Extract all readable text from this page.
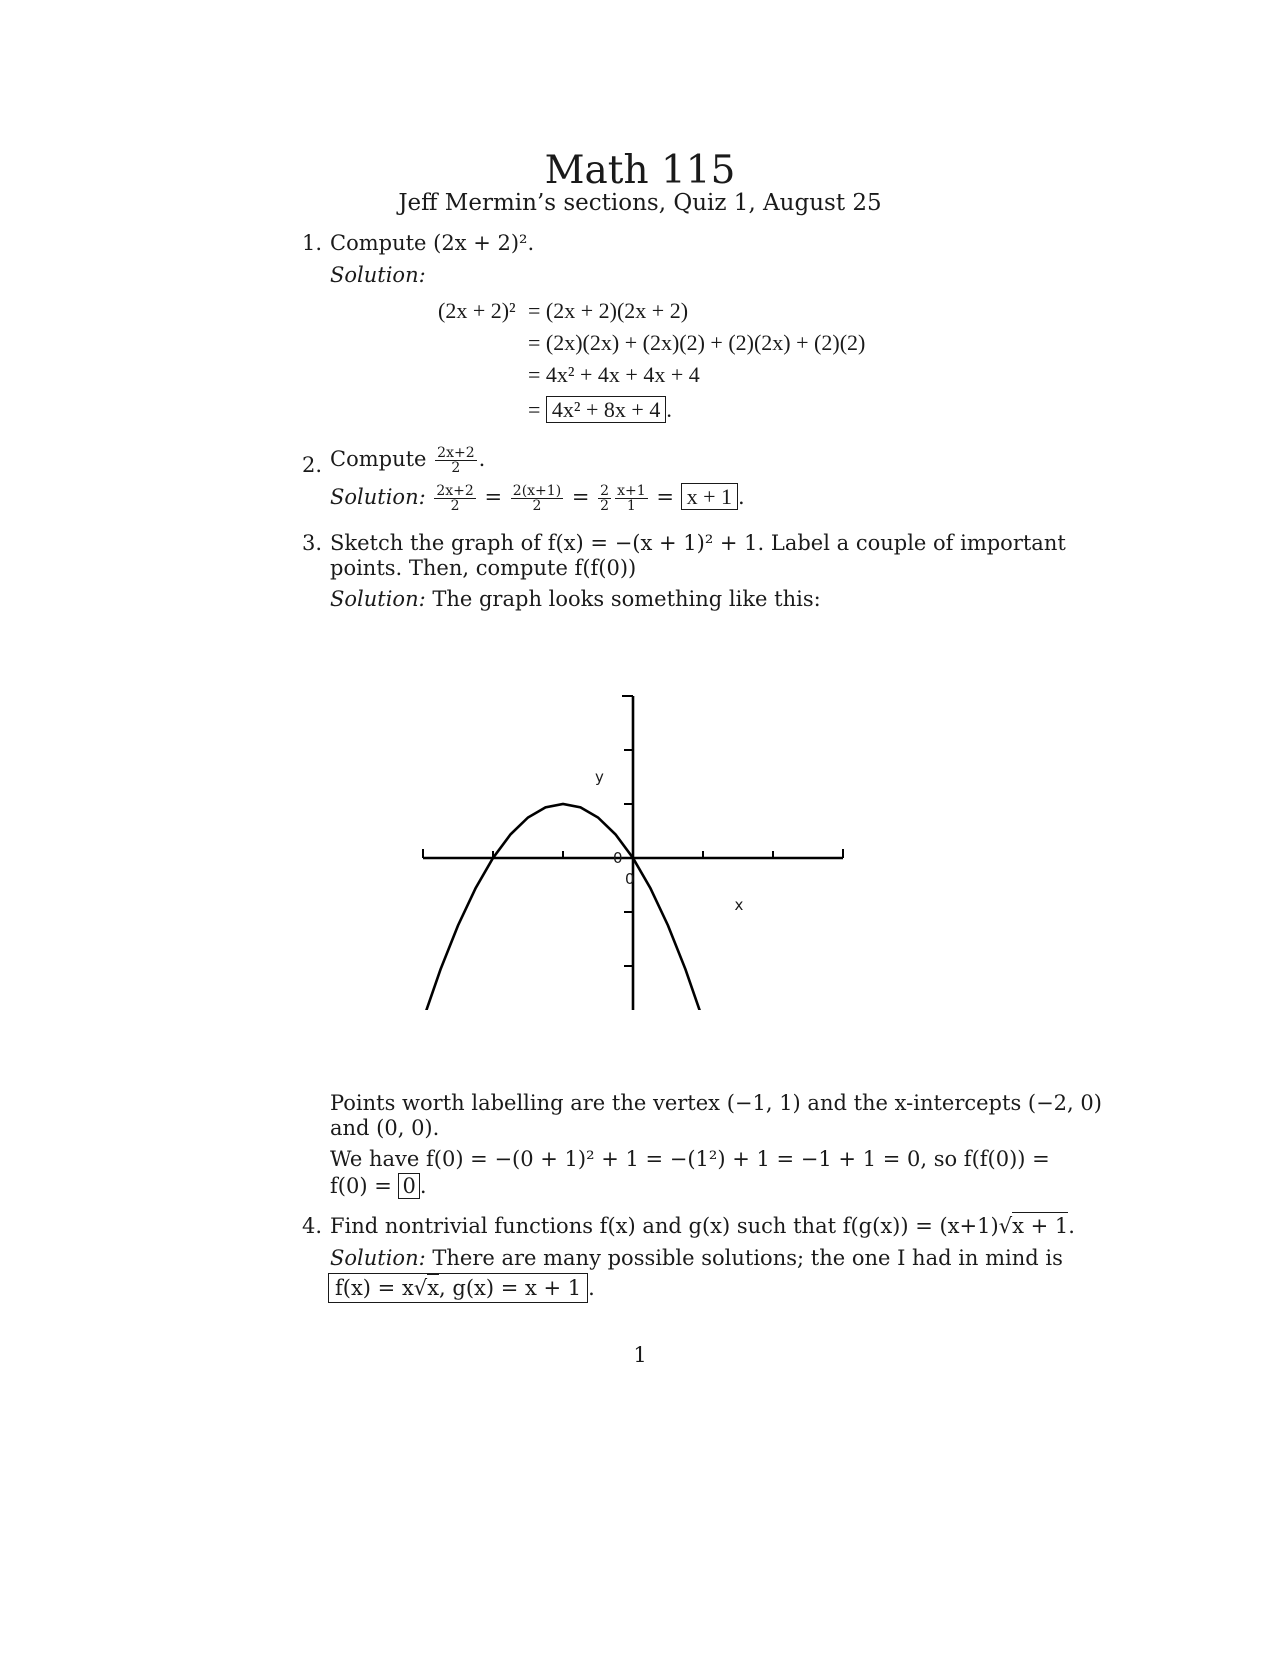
Math 115
Jeff Mermin’s sections, Quiz 1, August 25
1. Compute (2x + 2)².
Solution:
(2x + 2)² = (2x + 2)(2x + 2)
= (2x)(2x) + (2x)(2) + (2)(2x) + (2)(2)
= 4x² + 4x + 4x + 4
= 4x² + 8x + 4 .
2. Compute $\frac{2x+2}{2}$ .
Solution: $\frac{2x+2}{2} = \frac{2(x+1)}{2} = \frac{2}{2} \frac{x+1}{1} = x + 1$ .
3. Sketch the graph of f(x) = −(x + 1)² + 1. Label a couple of important
points. Then, compute f(f(0))
Solution: The graph looks something like this:
y
x
0
0
Points worth labelling are the vertex (−1, 1) and the x-intercepts (−2, 0)
and (0, 0).
We have f(0) = −(0 + 1)² + 1 = −(1²) + 1 = −1 + 1 = 0, so f(f(0)) =
f(0) = 0 .
4. Find nontrivial functions f(x) and g(x) such that f(g(x)) = (x+1)√x + 1.
Solution: There are many possible solutions; the one I had in mind is
f(x) = x√x, g(x) = x + 1 .
1
